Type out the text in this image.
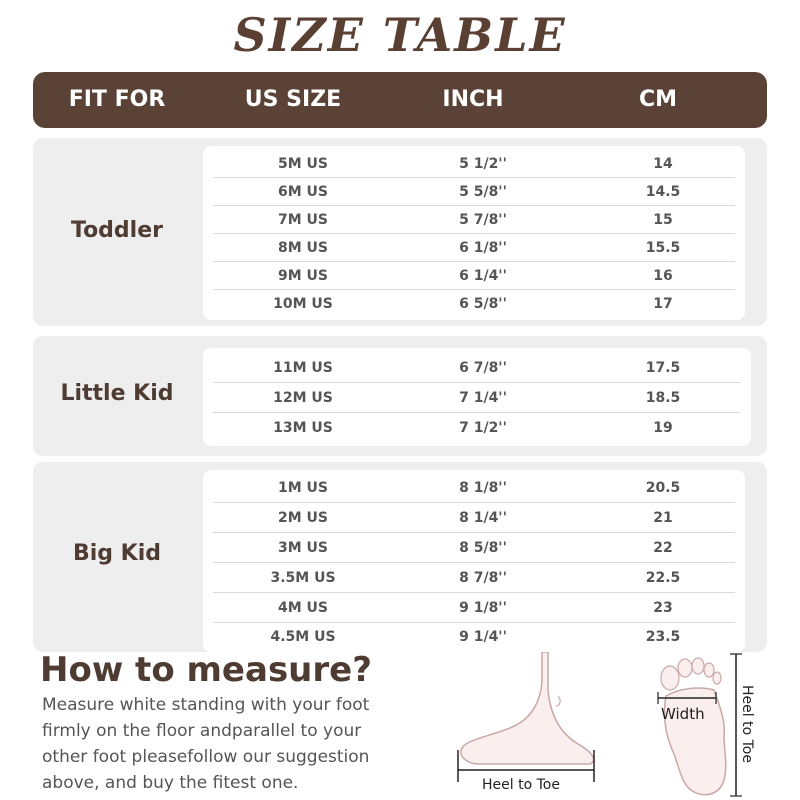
SIZE TABLE
FIT FOR	US SIZE	INCH	CM
Toddler
5M US	5 1/2''	14
6M US	5 5/8''	14.5
7M US	5 7/8''	15
8M US	6 1/8''	15.5
9M US	6 1/4''	16
10M US	6 5/8''	17
Little Kid
11M US	6 7/8''	17.5
12M US	7 1/4''	18.5
13M US	7 1/2''	19
Big Kid
1M US	8 1/8''	20.5
2M US	8 1/4''	21
3M US	8 5/8''	22
3.5M US	8 7/8''	22.5
4M US	9 1/8''	23
4.5M US	9 1/4''	23.5
How to measure?
Measure white standing with your foot firmly on the floor andparallel to your other foot pleasefollow our suggestion above, and buy the fitest one.	Heel to Toe
Width Heel to Toe
